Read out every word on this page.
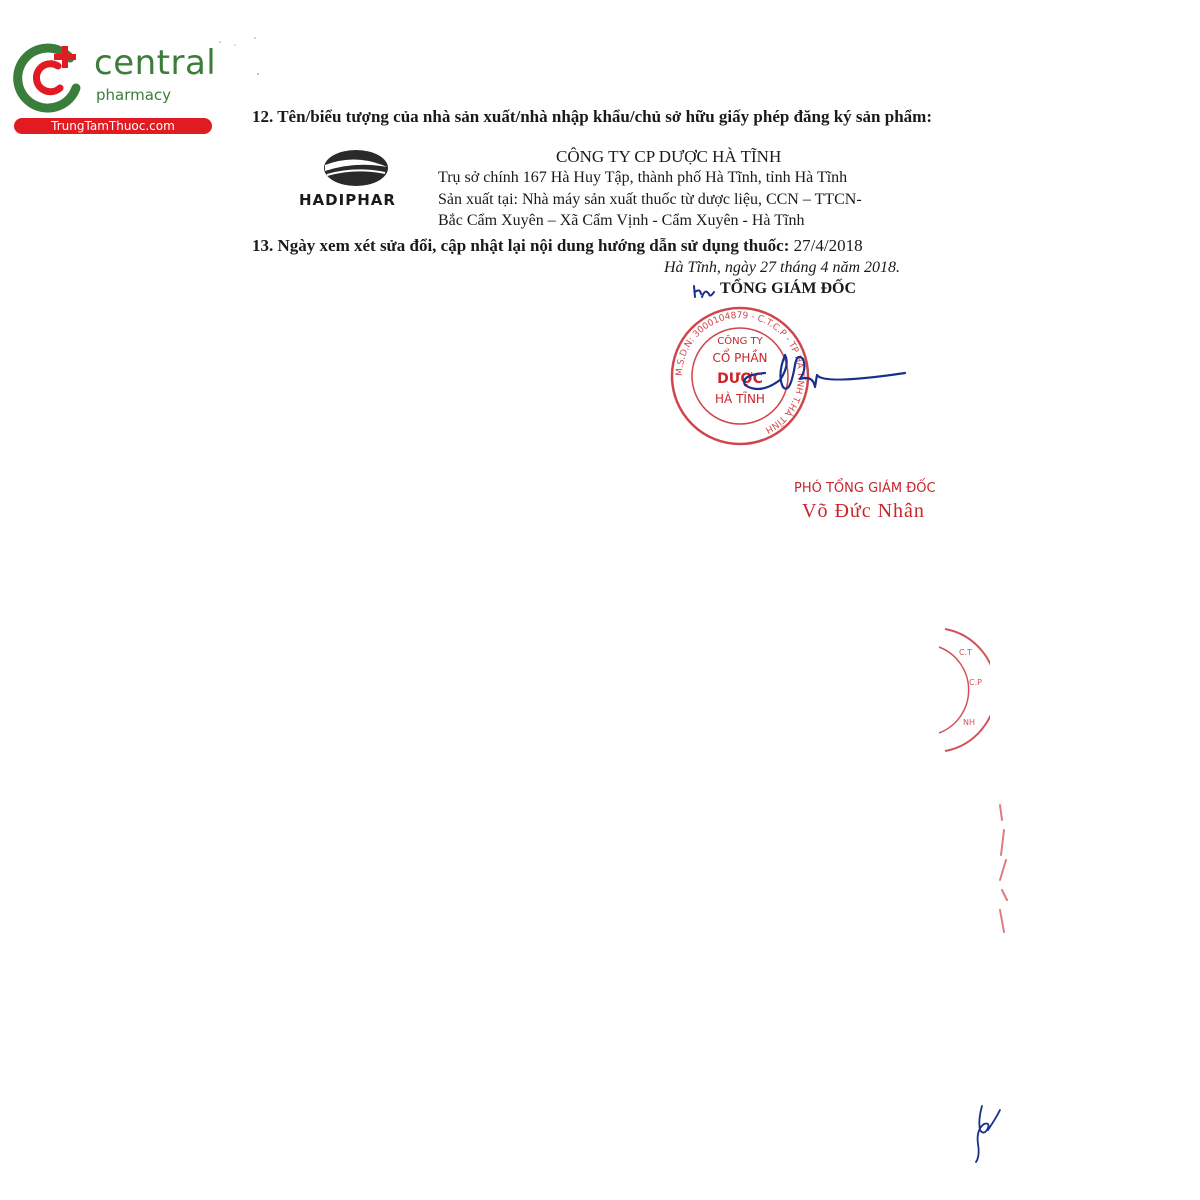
central
pharmacy
TrungTamThuoc.com	12. Tên/biểu tượng của nhà sản xuất/nhà nhập khẩu/chủ sở hữu giấy phép đăng ký sản phẩm:
HADIPHAR
CÔNG TY CP DƯỢC HÀ TĨNH
Trụ sở chính 167 Hà Huy Tập, thành phố Hà Tĩnh, tỉnh Hà Tĩnh
Sản xuất tại: Nhà máy sản xuất thuốc từ dược liệu, CCN – TTCN-
Bắc Cẩm Xuyên – Xã Cẩm Vịnh - Cẩm Xuyên - Hà Tĩnh
13. Ngày xem xét sửa đổi, cập nhật lại nội dung hướng dẫn sử dụng thuốc: 27/4/2018
Hà Tĩnh, ngày 27 tháng 4 năm 2018.
TỔNG GIÁM ĐỐC
M.S.D.N: 3000104879 - C.T.C.P - TP HÀ TĨNH T.HÀ TĨNH
CÔNG TY
CỔ PHẦN
DƯỢC
HÀ TĨNH
PHÓ TỔNG GIÁM ĐỐC
Võ Đức Nhân
C.T
C.P
NH
